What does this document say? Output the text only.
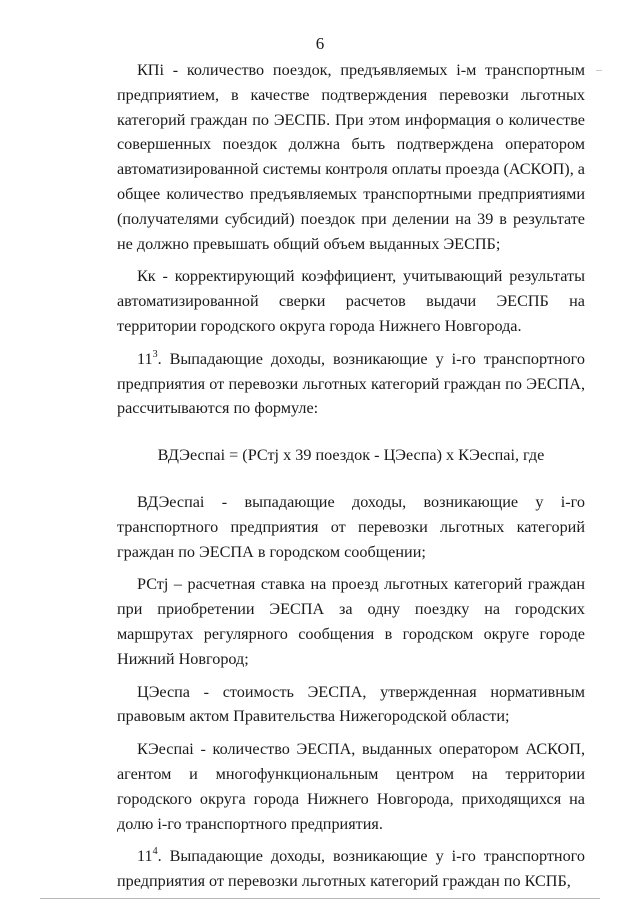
6

КПi - количество поездок, предъявляемых i-м транспортным предприятием, в качестве подтверждения перевозки льготных категорий граждан по ЭЕСПБ. При этом информация о количестве совершенных поездок должна быть подтверждена оператором автоматизированной системы контроля оплаты проезда (АСКОП), а общее количество предъявляемых транспортными предприятиями (получателями субсидий) поездок при делении на 39 в результате не должно превышать общий объем выданных ЭЕСПБ;

Кк - корректирующий коэффициент, учитывающий результаты автоматизированной сверки расчетов выдачи ЭЕСПБ на территории городского округа города Нижнего Новгорода.

$11^3$. Выпадающие доходы, возникающие у i-го транспортного предприятия от перевозки льготных категорий граждан по ЭЕСПА, рассчитываются по формуле:

ВДЭеспаi = (РСтj х 39 поездок - ЦЭеспа) х КЭеспаi, где

ВДЭеспаi - выпадающие доходы, возникающие у i-го транспортного предприятия от перевозки льготных категорий граждан по ЭЕСПА в городском сообщении;

РСтj – расчетная ставка на проезд льготных категорий граждан при приобретении ЭЕСПА за одну поездку на городских маршрутах регулярного сообщения в городском округе городе Нижний Новгород;

ЦЭеспа - стоимость ЭЕСПА, утвержденная нормативным правовым актом Правительства Нижегородской области;

КЭеспаi - количество ЭЕСПА, выданных оператором АСКОП, агентом и многофункциональным центром на территории городского округа города Нижнего Новгорода, приходящихся на долю i-го транспортного предприятия.

$11^4$. Выпадающие доходы, возникающие у i-го транспортного предприятия от перевозки льготных категорий граждан по КСПБ,
